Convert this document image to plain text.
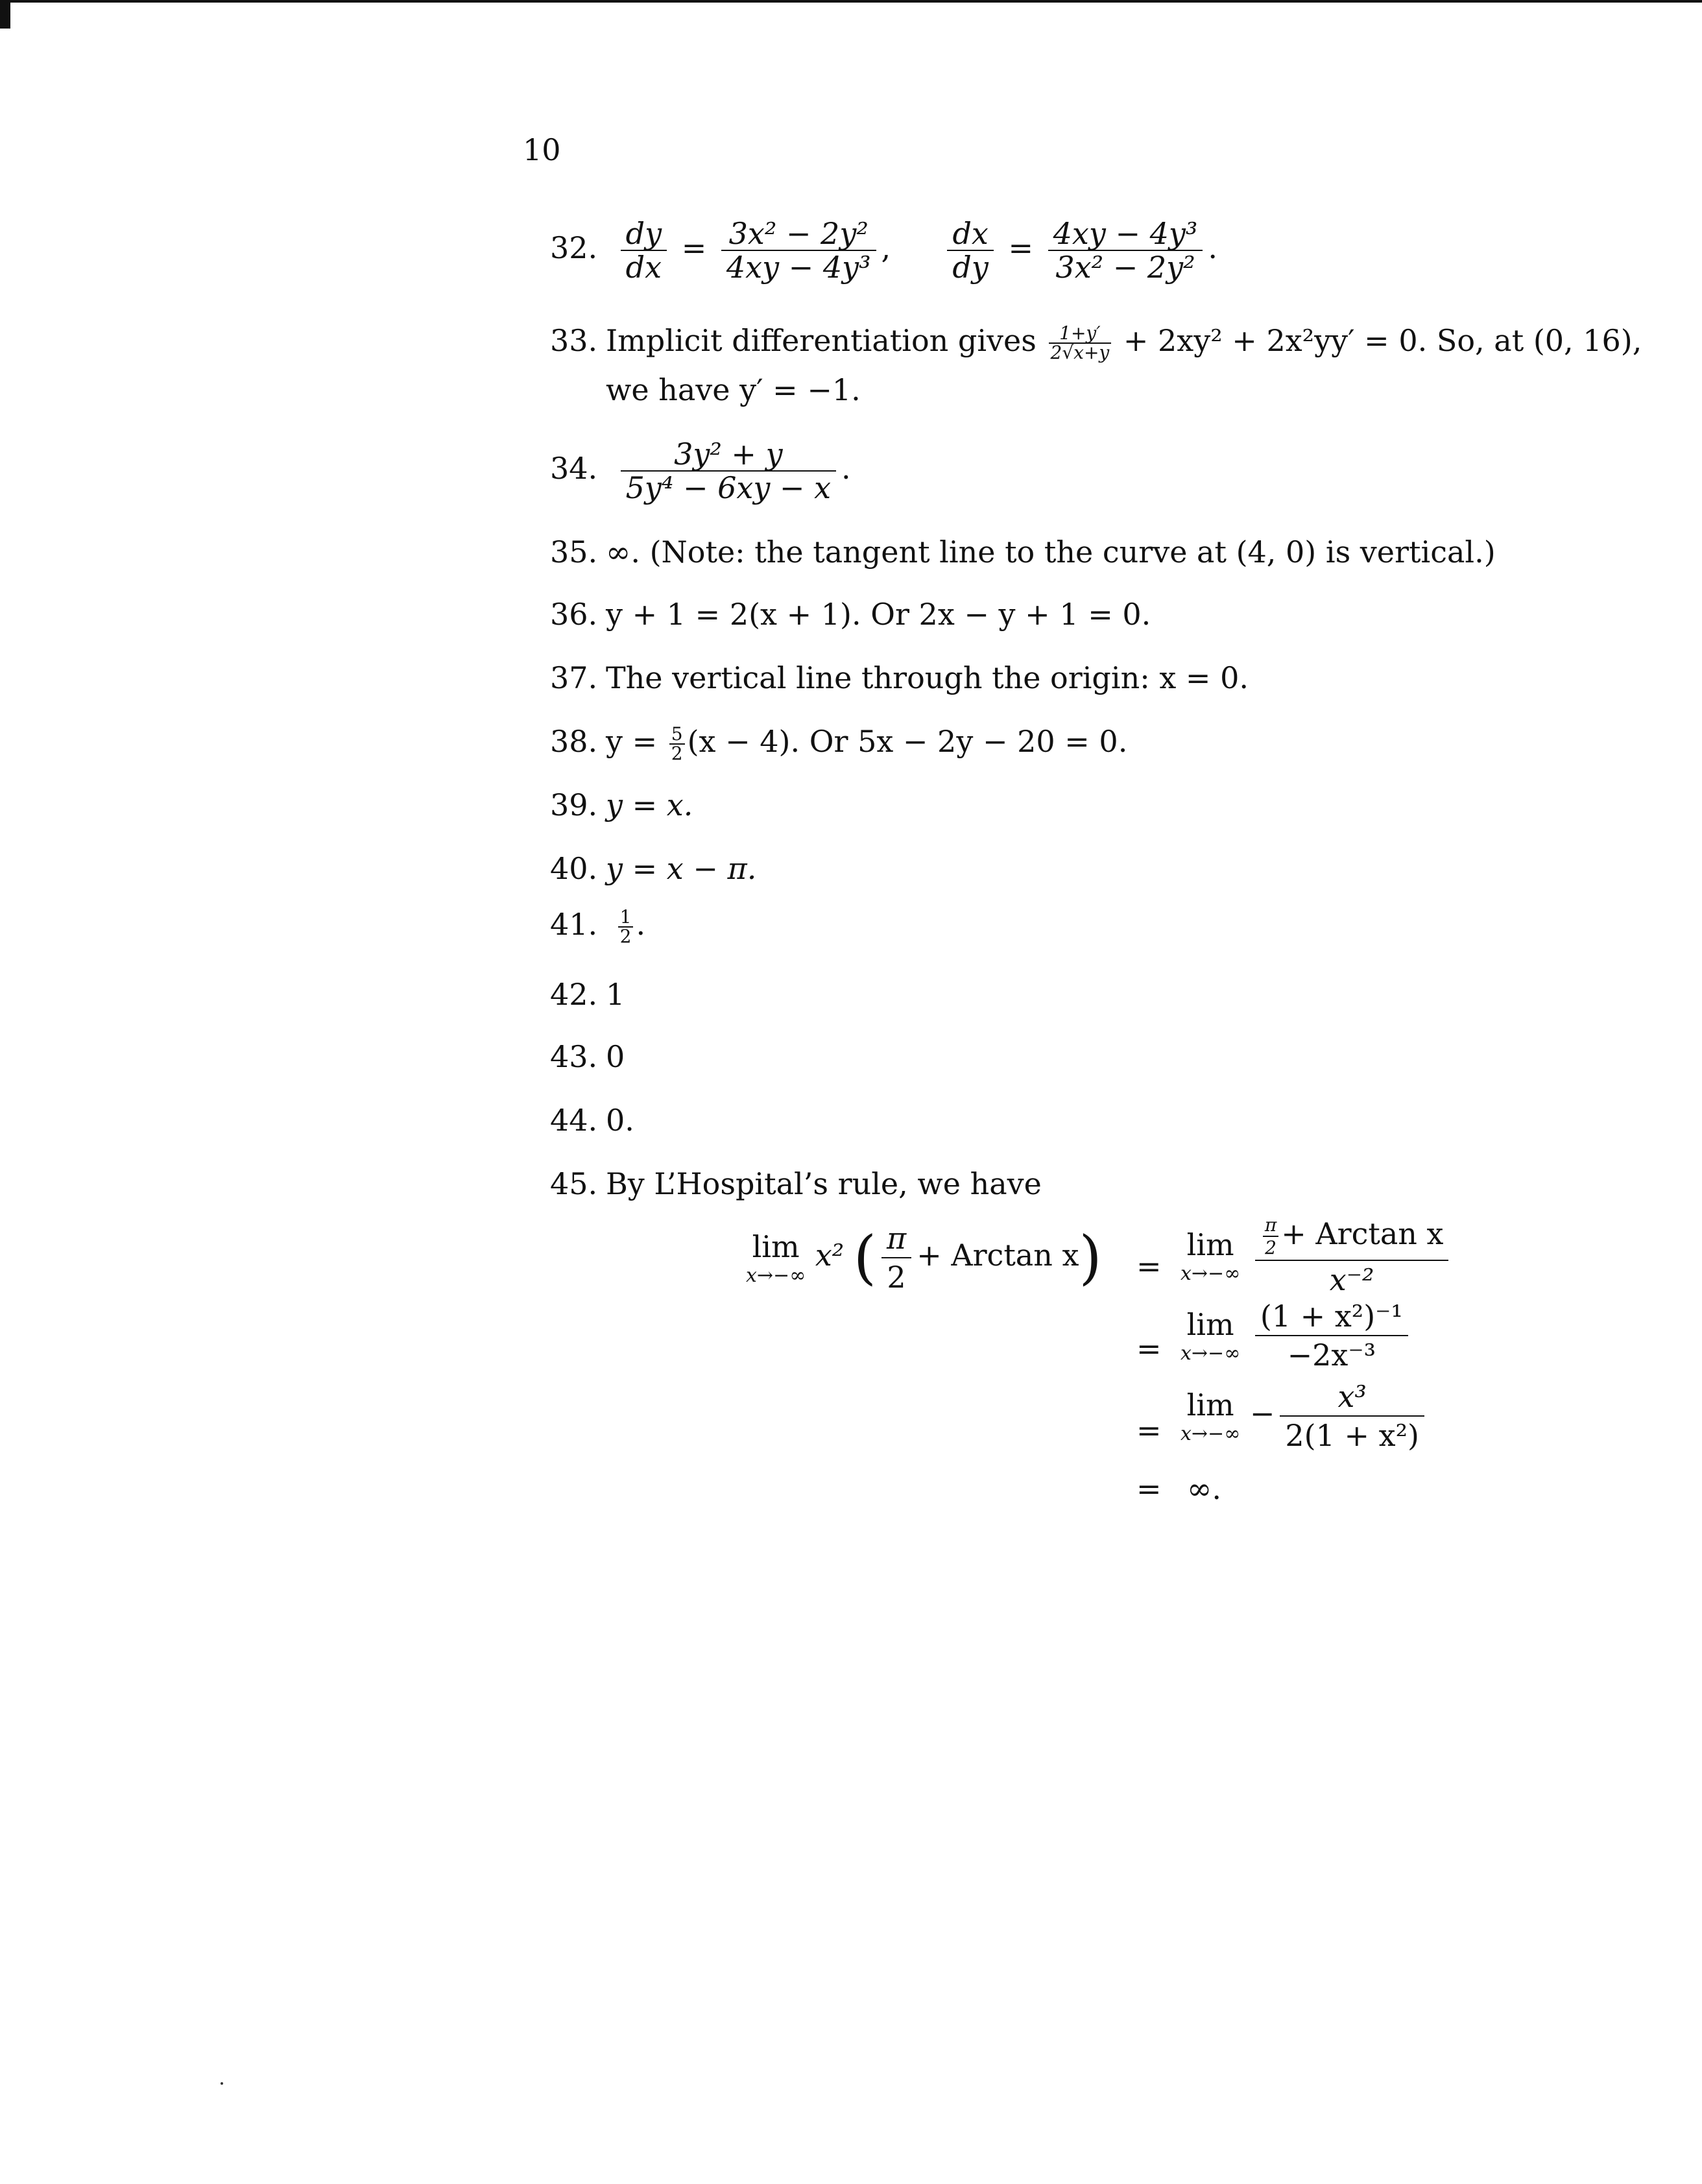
10
32. $\frac{dy}{dx} = \frac{\text{3x² − 2y²}}{\text{4xy − 4y³}}$ , $\frac{dx}{dy} = \frac{\text{4xy − 4y³}}{\text{3x² − 2y²}}$ .
33. Implicit differentiation gives $\frac{1+y'}{2√x+y} + 2xy^2 + 2x^2yy' = 0$. So, at (0, 16),
we have y′ = −1.
34. $\frac{\text{3y² + y}}{\text{5y⁴ − 6xy − x}}$ .
35. ∞. (Note: the tangent line to the curve at (4, 0) is vertical.)
36. y + 1 = 2(x + 1). Or 2x − y + 1 = 0.
37. The vertical line through the origin: x = 0.
38. $y = \frac{5}{2} (x - 4)$. Or 5x − 2y − 20 = 0.
39. y = x.
40. y = x − π.
41. $\frac{1}{2}$ .
42. 1
43. 0
44. 0.
45. By L’Hospital’s rule, we have
lim
x→−∞
x² ( $\frac{\pi}{2} + Arctan$ x) =
lim
x→−∞
$\frac{\frac{\pi}{2} + Arctan x}{\text{x⁻²}}$
=
lim
x→−∞
$\frac{\text{(1 + x²)⁻¹}}{\text{−2x⁻³}}$
=
lim
x→−∞
− $\frac{\text{x³}}{\text{2(1 + x²)}}$
= ∞.
